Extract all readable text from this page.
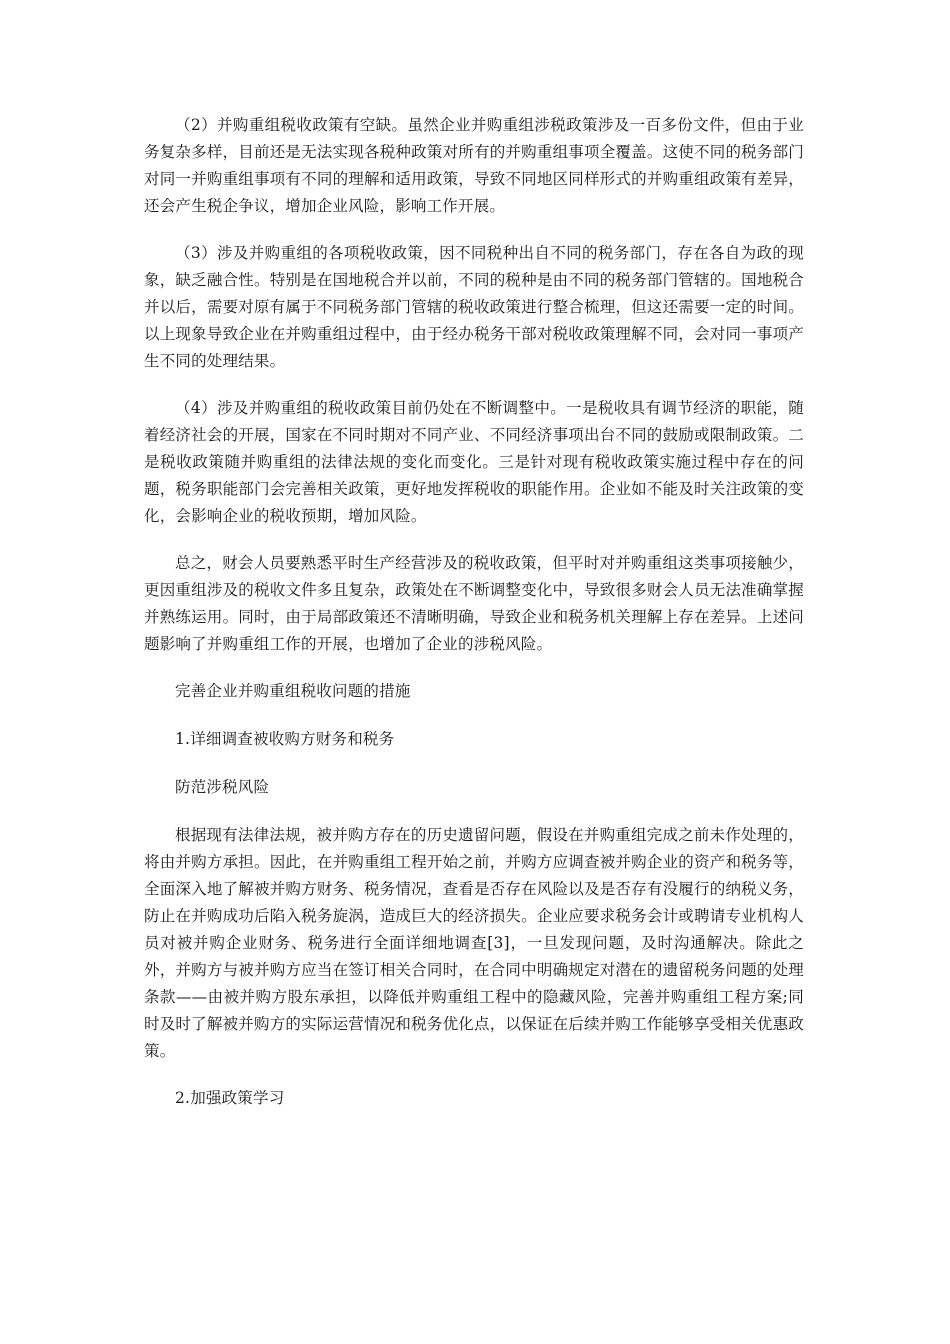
（2）并购重组税收政策有空缺。虽然企业并购重组涉税政策涉及一百多份文件，但由于业务复杂多样，目前还是无法实现各税种政策对所有的并购重组事项全覆盖。这使不同的税务部门对同一并购重组事项有不同的理解和适用政策，导致不同地区同样形式的并购重组政策有差异，还会产生税企争议，增加企业风险，影响工作开展。

（3）涉及并购重组的各项税收政策，因不同税种出自不同的税务部门，存在各自为政的现象，缺乏融合性。特别是在国地税合并以前，不同的税种是由不同的税务部门管辖的。国地税合并以后，需要对原有属于不同税务部门管辖的税收政策进行整合梳理，但这还需要一定的时间。以上现象导致企业在并购重组过程中，由于经办税务干部对税收政策理解不同，会对同一事项产生不同的处理结果。

（4）涉及并购重组的税收政策目前仍处在不断调整中。一是税收具有调节经济的职能，随着经济社会的开展，国家在不同时期对不同产业、不同经济事项出台不同的鼓励或限制政策。二是税收政策随并购重组的法律法规的变化而变化。三是针对现有税收政策实施过程中存在的问题，税务职能部门会完善相关政策，更好地发挥税收的职能作用。企业如不能及时关注政策的变化，会影响企业的税收预期，增加风险。

总之，财会人员要熟悉平时生产经营涉及的税收政策，但平时对并购重组这类事项接触少，更因重组涉及的税收文件多且复杂，政策处在不断调整变化中，导致很多财会人员无法准确掌握并熟练运用。同时，由于局部政策还不清晰明确，导致企业和税务机关理解上存在差异。上述问题影响了并购重组工作的开展，也增加了企业的涉税风险。

完善企业并购重组税收问题的措施

1.详细调查被收购方财务和税务

防范涉税风险

根据现有法律法规，被并购方存在的历史遗留问题，假设在并购重组完成之前未作处理的，将由并购方承担。因此，在并购重组工程开始之前，并购方应调查被并购企业的资产和税务等，全面深入地了解被并购方财务、税务情况，查看是否存在风险以及是否存有没履行的纳税义务，防止在并购成功后陷入税务旋涡，造成巨大的经济损失。企业应要求税务会计或聘请专业机构人员对被并购企业财务、税务进行全面详细地调查[3]，一旦发现问题，及时沟通解决。除此之外，并购方与被并购方应当在签订相关合同时，在合同中明确规定对潜在的遗留税务问题的处理条款——由被并购方股东承担，以降低并购重组工程中的隐藏风险，完善并购重组工程方案;同时及时了解被并购方的实际运营情况和税务优化点，以保证在后续并购工作能够享受相关优惠政策。

2.加强政策学习
